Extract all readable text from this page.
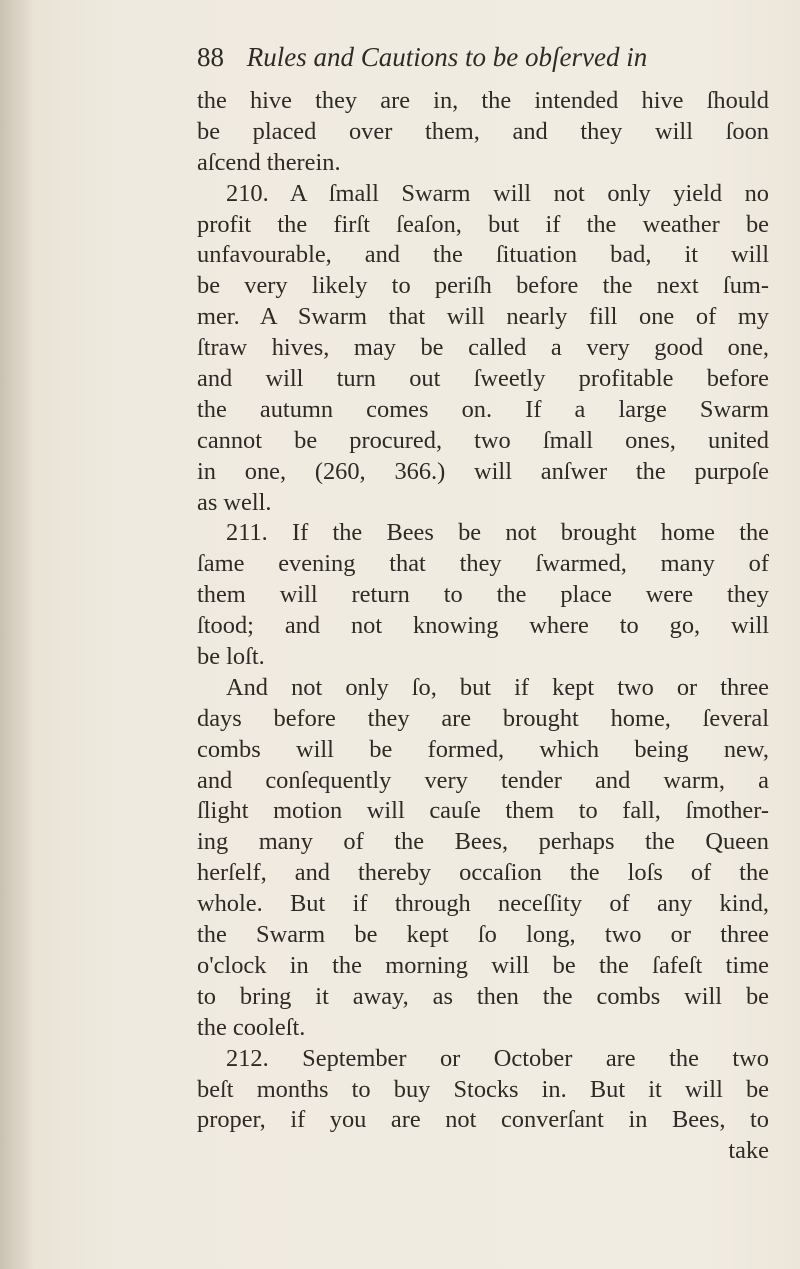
88 Rules and Cautions to be obſerved in
the hive they are in, the intended hive ſhould
be placed over them, and they will ſoon
aſcend therein.
210. A ſmall Swarm will not only yield no
profit the firſt ſeaſon, but if the weather be
unfavourable, and the ſituation bad, it will
be very likely to periſh before the next ſum-
mer. A Swarm that will nearly fill one of my
ſtraw hives, may be called a very good one,
and will turn out ſweetly profitable before
the autumn comes on. If a large Swarm
cannot be procured, two ſmall ones, united
in one, (260, 366.) will anſwer the purpoſe
as well.
211. If the Bees be not brought home the
ſame evening that they ſwarmed, many of
them will return to the place were they
ſtood; and not knowing where to go, will
be loſt.
And not only ſo, but if kept two or three
days before they are brought home, ſeveral
combs will be formed, which being new,
and conſequently very tender and warm, a
ſlight motion will cauſe them to fall, ſmother-
ing many of the Bees, perhaps the Queen
herſelf, and thereby occaſion the loſs of the
whole. But if through neceſſity of any kind,
the Swarm be kept ſo long, two or three
o'clock in the morning will be the ſafeſt time
to bring it away, as then the combs will be
the cooleſt.
212. September or October are the two
beſt months to buy Stocks in. But it will be
proper, if you are not converſant in Bees, to
take
